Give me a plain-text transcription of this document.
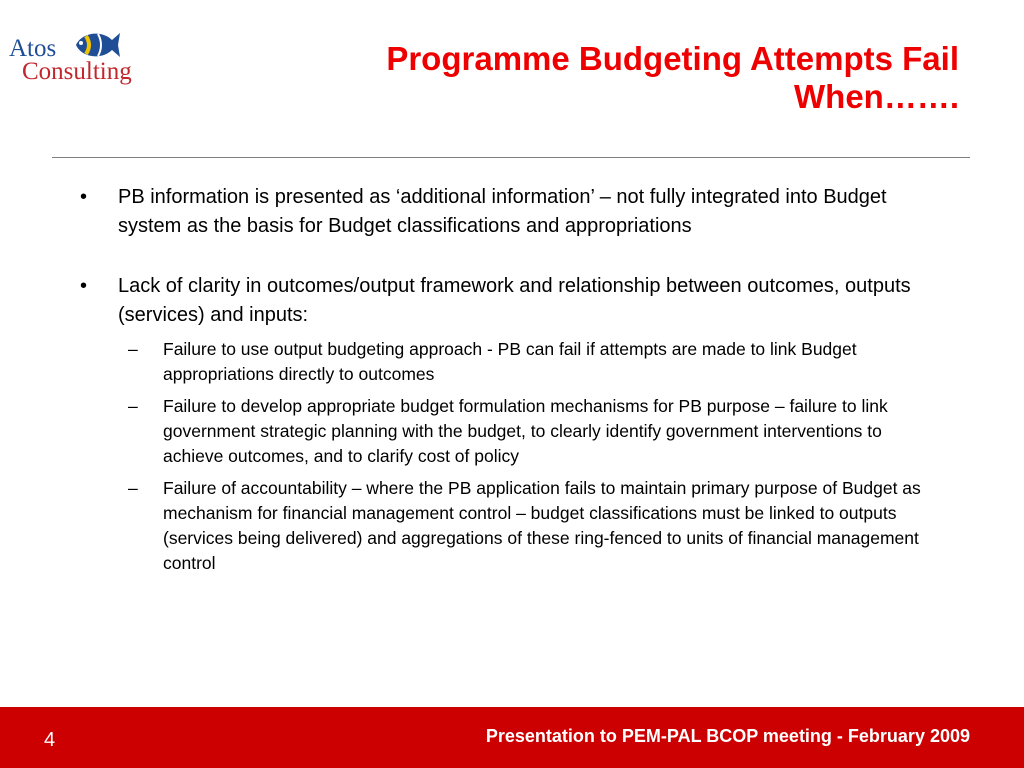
Atos
Consulting	Programme Budgeting Attempts Fail
When…….
• PB information is presented as ‘additional information’ – not fully integrated into Budget system as the basis for Budget classifications and appropriations
• Lack of clarity in outcomes/output framework and relationship between outcomes, outputs (services) and inputs:
– Failure to use output budgeting approach - PB can fail if attempts are made to link Budget appropriations directly to outcomes
– Failure to develop appropriate budget formulation mechanisms for PB purpose – failure to link government strategic planning with the budget, to clearly identify government interventions to achieve outcomes, and to clarify cost of policy
– Failure of accountability – where the PB application fails to maintain primary purpose of Budget as mechanism for financial management control – budget classifications must be linked to outputs (services being delivered) and aggregations of these ring-fenced to units of financial management control
4	Presentation to PEM-PAL BCOP meeting - February 2009
